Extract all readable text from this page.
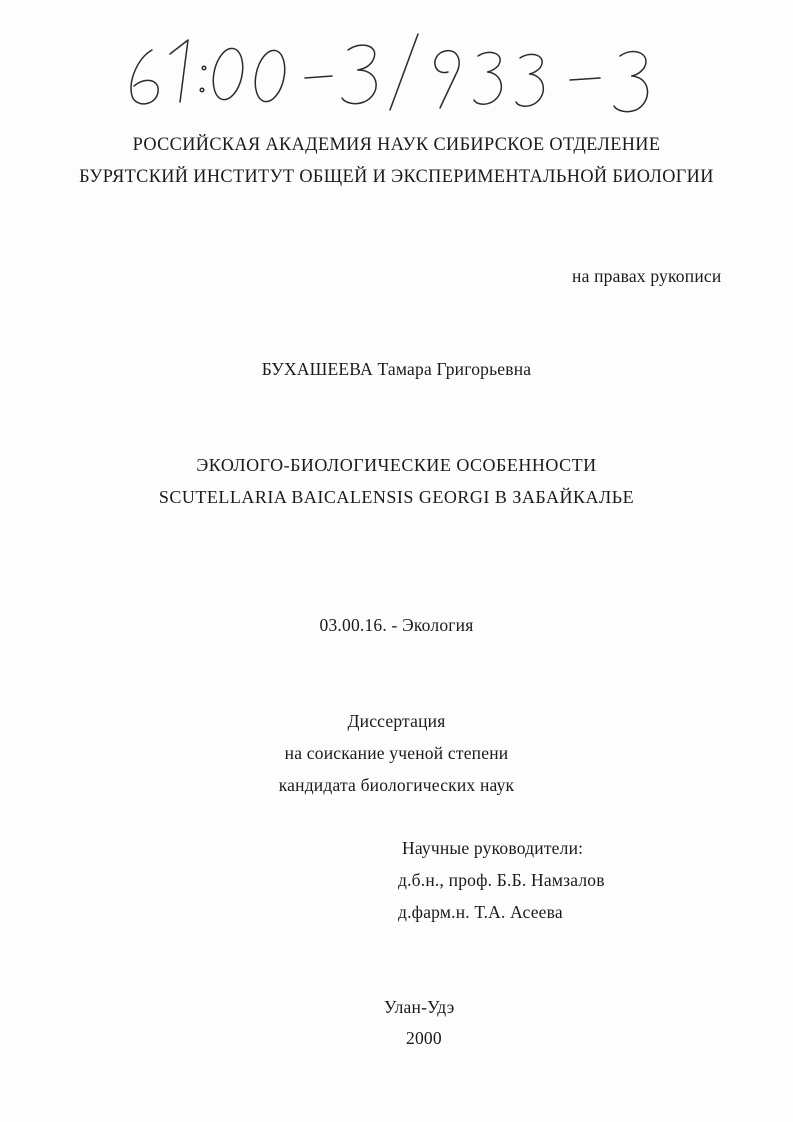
РОССИЙСКАЯ АКАДЕМИЯ НАУК СИБИРСКОЕ ОТДЕЛЕНИЕ
БУРЯТСКИЙ ИНСТИТУТ ОБЩЕЙ И ЭКСПЕРИМЕНТАЛЬНОЙ БИОЛОГИИ
на правах рукописи
БУХАШЕЕВА Тамара Григорьевна
ЭКОЛОГО-БИОЛОГИЧЕСКИЕ ОСОБЕННОСТИ
SCUTELLARIA BAICALENSIS GEORGI В ЗАБАЙКАЛЬЕ
03.00.16. - Экология
Диссертация
на соискание ученой степени
кандидата биологических наук
Научные руководители:
д.б.н., проф. Б.Б. Намзалов
д.фарм.н. Т.А. Асеева
Улан-Удэ
2000
